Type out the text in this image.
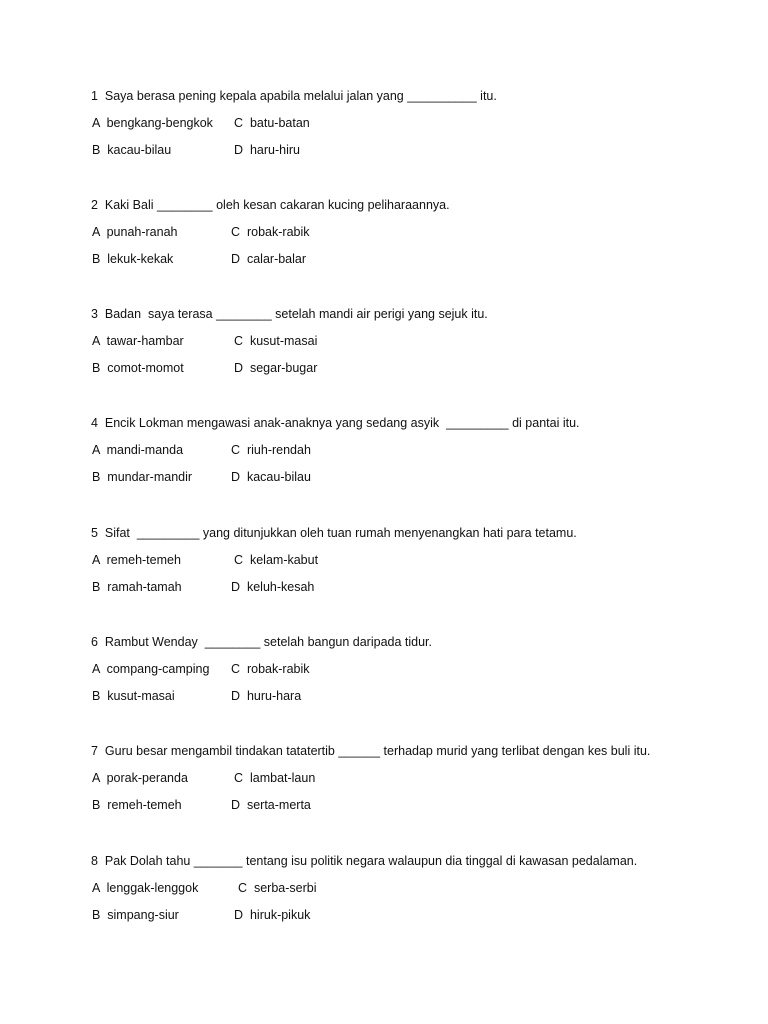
1  Saya berasa pening kepala apabila melalui jalan yang __________ itu.
A  bengkang-bengkok C  batu-batan
B  kacau-bilau	D  haru-hiru
2  Kaki Bali ________ oleh kesan cakaran kucing peliharaannya.
A  punah-ranah	C  robak-rabik
B  lekuk-kekak	D  calar-balar
3  Badan  saya terasa ________ setelah mandi air perigi yang sejuk itu.
A  tawar-hambar	C  kusut-masai
B  comot-momot	D  segar-bugar
4  Encik Lokman mengawasi anak-anaknya yang sedang asyik  _________ di pantai itu.
A  mandi-manda	C  riuh-rendah
B  mundar-mandir	D  kacau-bilau
5  Sifat  _________ yang ditunjukkan oleh tuan rumah menyenangkan hati para tetamu.
A  remeh-temeh	C  kelam-kabut
B  ramah-tamah	D  keluh-kesah
6  Rambut Wenday  ________ setelah bangun daripada tidur.
A  compang-camping C  robak-rabik
B  kusut-masai	D  huru-hara
7  Guru besar mengambil tindakan tatatertib ______ terhadap murid yang terlibat dengan kes buli itu.
A  porak-peranda	C  lambat-laun
B  remeh-temeh	D  serta-merta
8  Pak Dolah tahu _______ tentang isu politik negara walaupun dia tinggal di kawasan pedalaman.
A  lenggak-lenggok	C  serba-serbi
B  simpang-siur	D  hiruk-pikuk
